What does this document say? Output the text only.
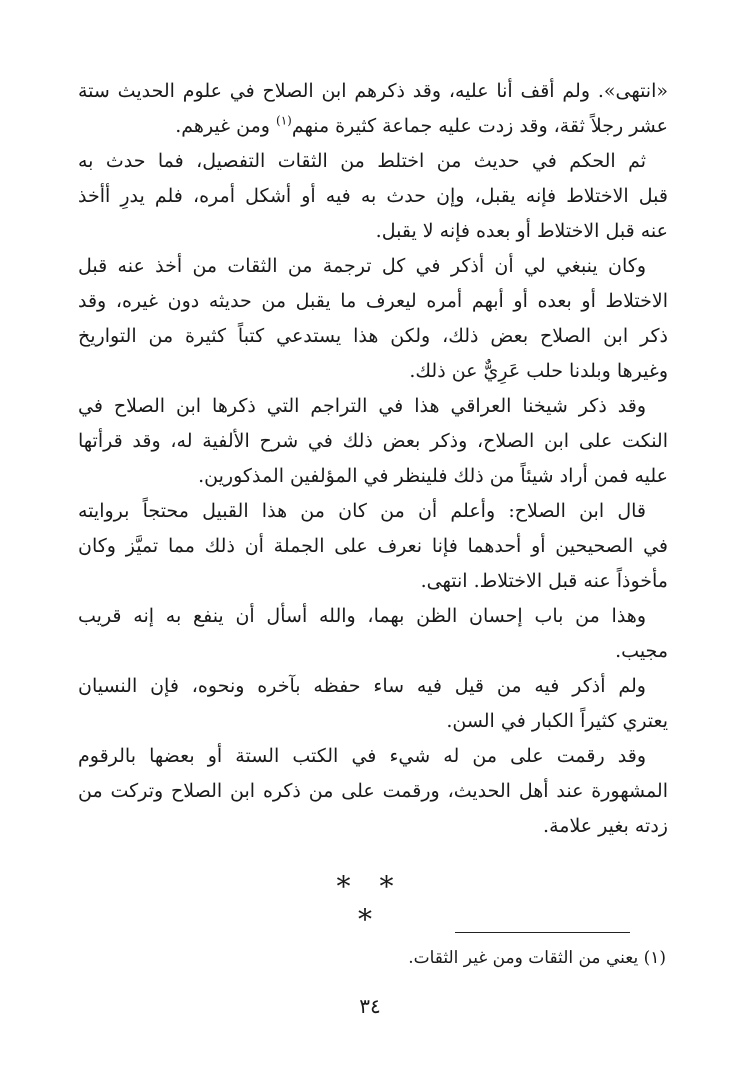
«انتهى». ولم أقف أنا عليه، وقد ذكرهم ابن الصلاح في علوم الحديث ستة
عشر رجلاً ثقة، وقد زدت عليه جماعة كثيرة منهم$^{(١)}$ ومن غيرهم.
ثم الحكم في حديث من اختلط من الثقات التفصيل، فما حدث به
قبل الاختلاط فإنه يقبل، وإن حدث به فيه أو أشكل أمره، فلم يدرِ أأخذ
عنه قبل الاختلاط أو بعده فإنه لا يقبل.
وكان ينبغي لي أن أذكر في كل ترجمة من الثقات من أخذ عنه قبل
الاختلاط أو بعده أو أبهم أمره ليعرف ما يقبل من حديثه دون غيره، وقد
ذكر ابن الصلاح بعض ذلك، ولكن هذا يستدعي كتباً كثيرة من التواريخ
وغيرها وبلدنا حلب عَرِيٌّ عن ذلك.
وقد ذكر شيخنا العراقي هذا في التراجم التي ذكرها ابن الصلاح في
النكت على ابن الصلاح، وذكر بعض ذلك في شرح الألفية له، وقد قرأتها
عليه فمن أراد شيئاً من ذلك فلينظر في المؤلفين المذكورين.
قال ابن الصلاح: وأعلم أن من كان من هذا القبيل محتجاً بروايته
في الصحيحين أو أحدهما فإنا نعرف على الجملة أن ذلك مما تميَّز وكان
مأخوذاً عنه قبل الاختلاط. انتهى.
وهذا من باب إحسان الظن بهما، والله أسأل أن ينفع به إنه قريب
مجيب.
ولم أذكر فيه من قيل فيه ساء حفظه بآخره ونحوه، فإن النسيان
يعتري كثيراً الكبار في السن.
وقد رقمت على من له شيء في الكتب الستة أو بعضها بالرقوم
المشهورة عند أهل الحديث، ورقمت على من ذكره ابن الصلاح وتركت من
زدته بغير علامة.
* * *
(١) يعني من الثقات ومن غير الثقات.
٣٤
